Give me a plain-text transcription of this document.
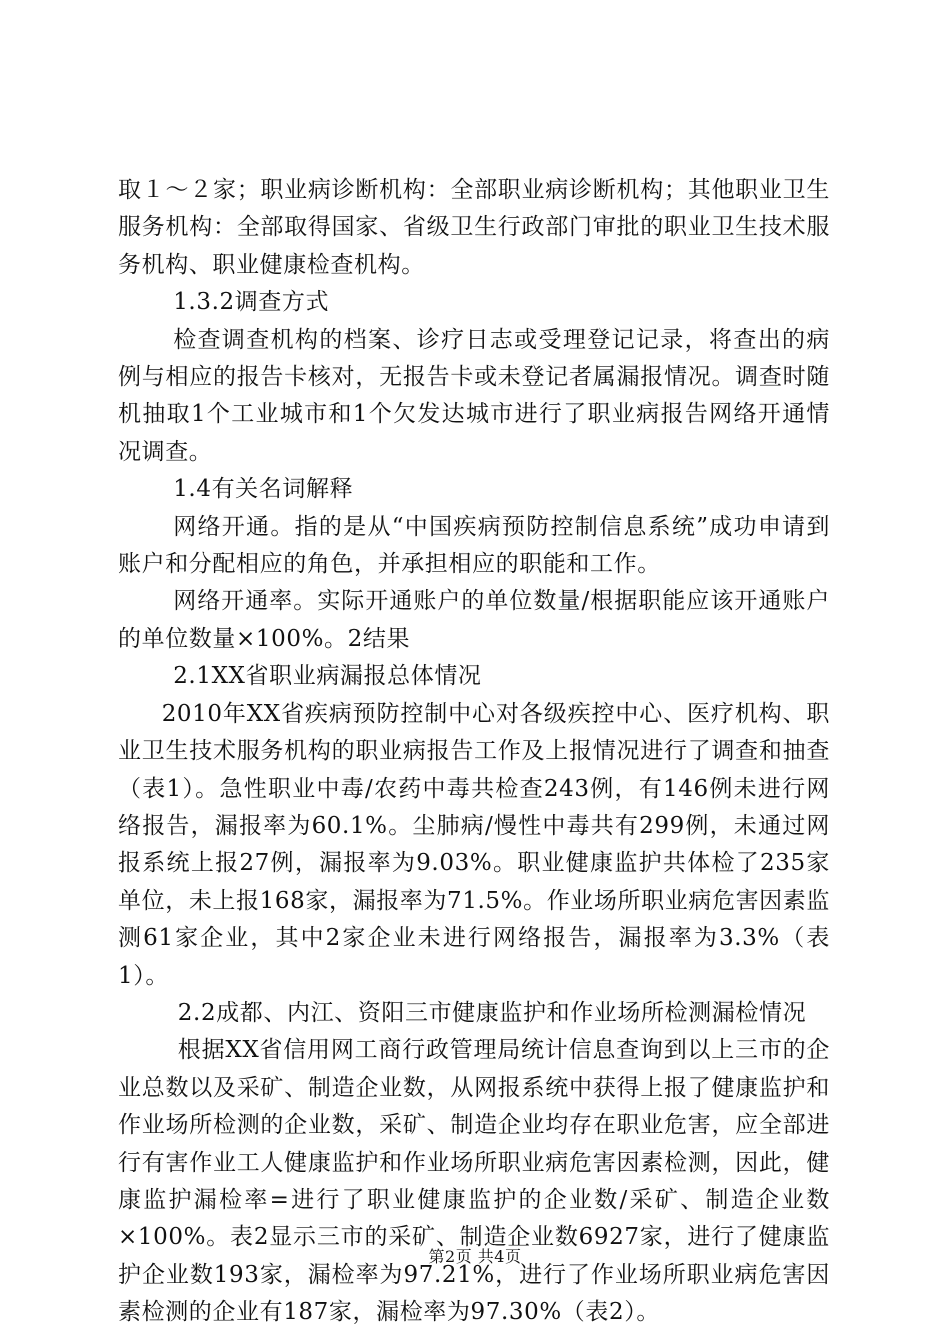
取１～２家；职业病诊断机构：全部职业病诊断机构；其他职业卫生服务机构：全部取得国家、省级卫生行政部门审批的职业卫生技术服务机构、职业健康检查机构。

1.3.2调查方式

检查调查机构的档案、诊疗日志或受理登记记录，将查出的病例与相应的报告卡核对，无报告卡或未登记者属漏报情况。调查时随机抽取1个工业城市和1个欠发达城市进行了职业病报告网络开通情况调查。

1.4有关名词解释

网络开通。指的是从“中国疾病预防控制信息系统”成功申请到账户和分配相应的角色，并承担相应的职能和工作。

网络开通率。实际开通账户的单位数量/根据职能应该开通账户的单位数量×100%。2结果

2.1XX省职业病漏报总体情况

2010年XX省疾病预防控制中心对各级疾控中心、医疗机构、职业卫生技术服务机构的职业病报告工作及上报情况进行了调查和抽查（表1）。急性职业中毒/农药中毒共检查243例，有146例未进行网络报告，漏报率为60.1%。尘肺病/慢性中毒共有299例，未通过网报系统上报27例，漏报率为9.03%。职业健康监护共体检了235家单位，未上报168家，漏报率为71.5%。作业场所职业病危害因素监测61家企业，其中2家企业未进行网络报告，漏报率为3.3%（表1）。

2.2成都、内江、资阳三市健康监护和作业场所检测漏检情况

根据XX省信用网工商行政管理局统计信息查询到以上三市的企业总数以及采矿、制造企业数，从网报系统中获得上报了健康监护和作业场所检测的企业数，采矿、制造企业均存在职业危害，应全部进行有害作业工人健康监护和作业场所职业病危害因素检测，因此，健康监护漏检率=进行了职业健康监护的企业数/采矿、制造企业数×100%。表2显示三市的采矿、制造企业数6927家，进行了健康监护企业数193家，漏检率为97.21%，进行了作业场所职业病危害因素检测的企业有187家，漏检率为97.30%（表2）。

第2页 共4页
